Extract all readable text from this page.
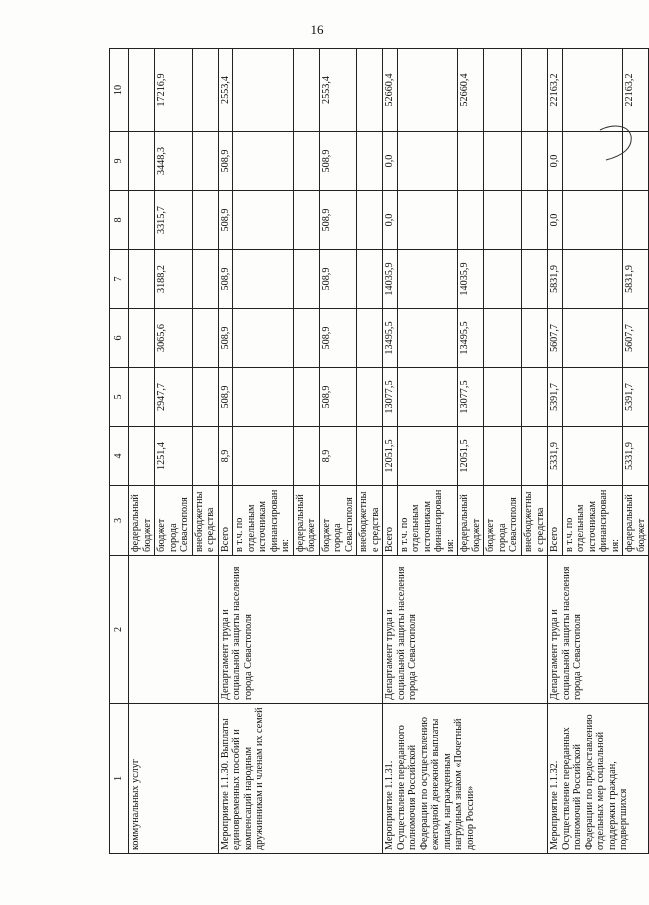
16
1	2	3	4	5	6	7	8	9	10
коммунальных услуг		федеральный бюджет							
		бюджет города Севастополя	1251,4	2947,7	3065,6	3188,2	3315,7	3448,3	17216,9
		внебюджетные средства							
Мероприятие 1.1.30. Выплаты единовременных пособий и компенсаций народным дружинникам и членам их семей	Департамент труда и социальной защиты населения города Севастополя	Всего	8,9	508,9	508,9	508,9	508,9	508,9	2553,4
		в т.ч. по отдельным источникам финансирования:							
		федеральный бюджет							
		бюджет города Севастополя	8,9	508,9	508,9	508,9	508,9	508,9	2553,4
		внебюджетные средства							
Мероприятие 1.1.31. Осуществление переданного полномочия Российской Федерации по осуществлению ежегодной денежной выплаты лицам, награжденным нагрудным знаком «Почетный донор России»	Департамент труда и социальной защиты населения города Севастополя	Всего	12051,5	13077,5	13495,5	14035,9	0,0	0,0	52660,4
		в т.ч. по отдельным источникам финансирования:							
		федеральный бюджет	12051,5	13077,5	13495,5	14035,9			52660,4
		бюджет города Севастополя							
		внебюджетные средства							
Мероприятие 1.1.32. Осуществление переданных полномочий Российской Федерации по предоставлению отдельных мер социальной поддержки граждан, подвергшихся	Департамент труда и социальной защиты населения города Севастополя	Всего	5331,9	5391,7	5607,7	5831,9	0,0	0,0	22163,2
		в т.ч. по отдельным источникам финансирования:							
		федеральный бюджет	5331,9	5391,7	5607,7	5831,9			22163,2
